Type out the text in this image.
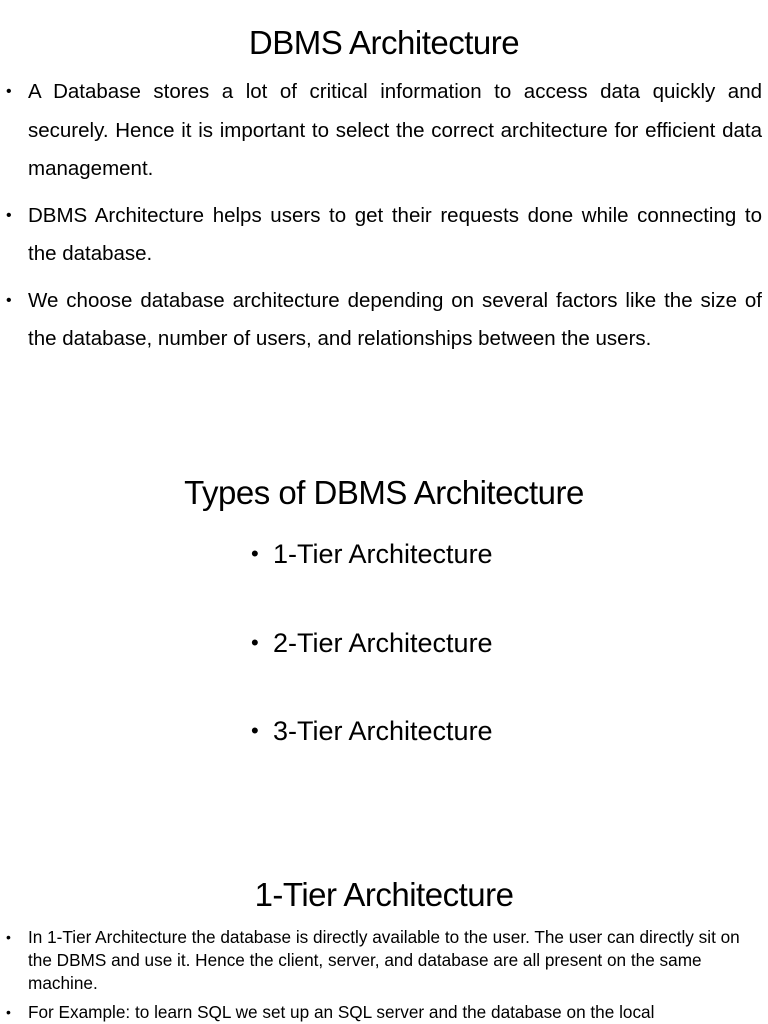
DBMS Architecture
• A Database stores a lot of critical information to access data quickly and securely. Hence it is important to select the correct architecture for efficient data management.
• DBMS Architecture helps users to get their requests done while connecting to the database.
• We choose database architecture depending on several factors like the size of the database, number of users, and relationships between the users.
Types of DBMS Architecture
• 1-Tier Architecture
• 2-Tier Architecture
• 3-Tier Architecture
1-Tier Architecture
• In 1-Tier Architecture the database is directly available to the user. The user can directly sit on the DBMS and use it. Hence the client, server, and database are all present on the same machine.
• For Example: to learn SQL we set up an SQL server and the database on the local
